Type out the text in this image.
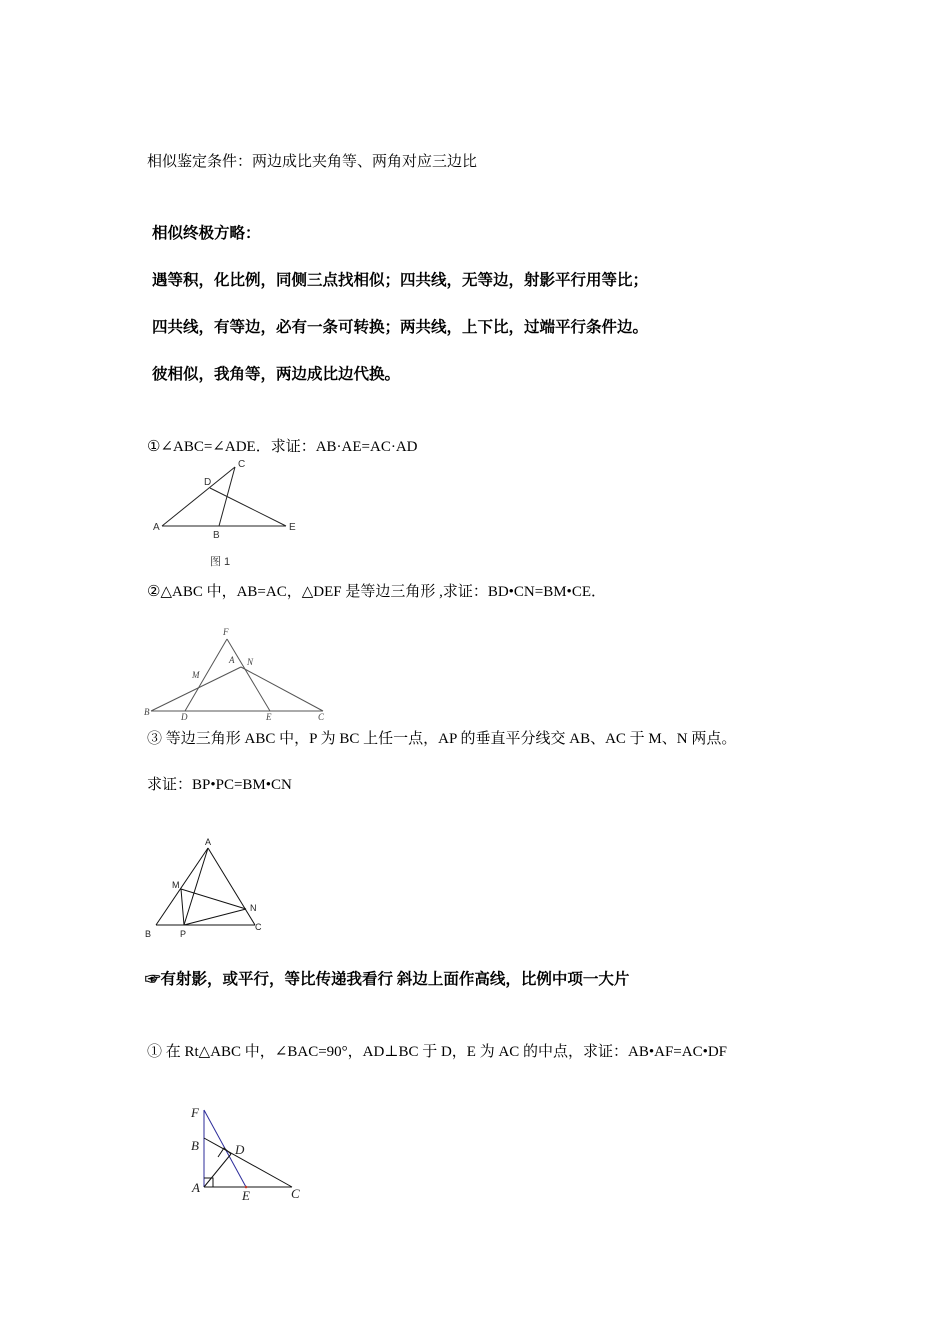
相似鉴定条件：两边成比夹角等、两角对应三边比
相似终极方略：
遇等积，化比例，同侧三点找相似；四共线，无等边，射影平行用等比；
四共线，有等边，必有一条可转换；两共线，上下比，过端平行条件边。
彼相似，我角等，两边成比边代换。
①∠ABC=∠ADE．求证：AB·AE=AC·AD
A
B
C
D
E
图 1
②△ABC 中，AB=AC，△DEF 是等边三角形 ,求证：BD•CN=BM•CE．
F
A N
M
B	D	E	C
③ 等边三角形 ABC 中，P 为 BC 上任一点，AP 的垂直平分线交 AB、AC 于 M、N 两点。
求证：BP•PC=BM•CN
A
M
N
B	P
C
☞有射影，或平行，等比传递我看行 斜边上面作高线，比例中项一大片
① 在 Rt△ABC 中，∠BAC=90°，AD⊥BC 于 D，E 为 AC 的中点，求证：AB•AF=AC•DF
F
B	D
A
E	C
